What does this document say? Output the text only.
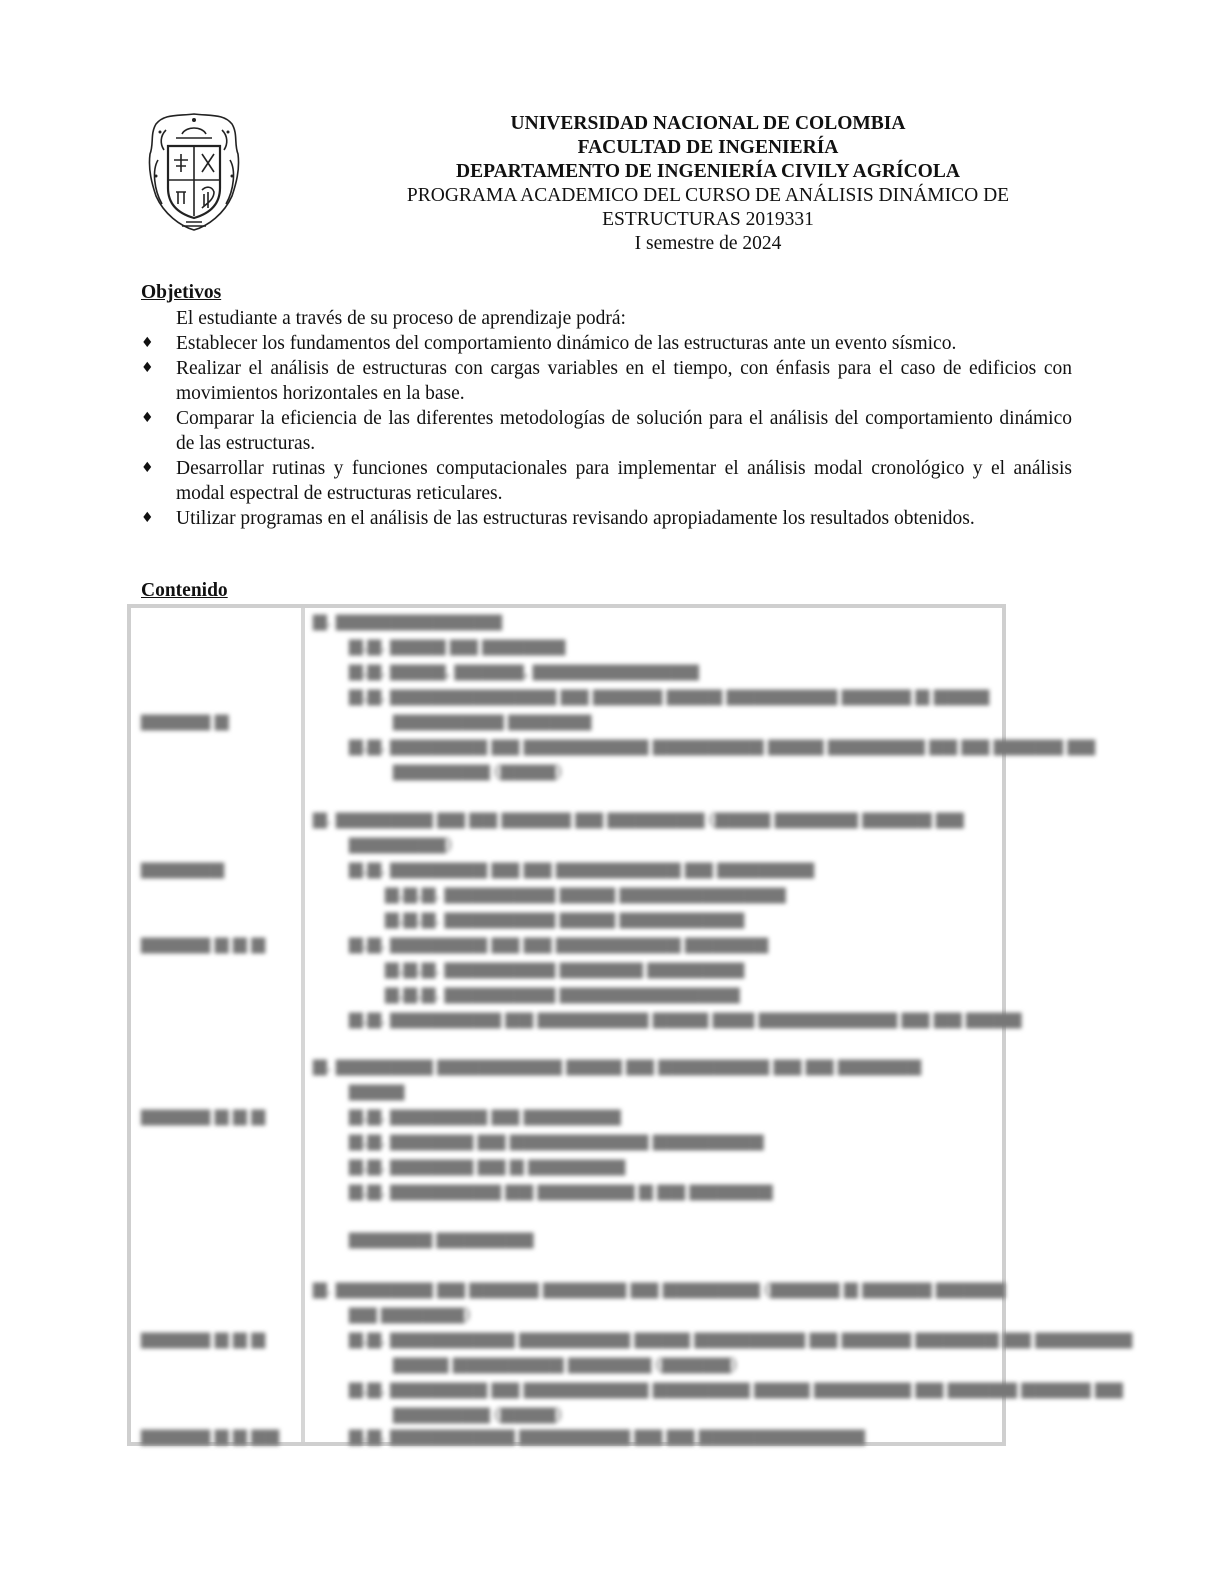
UNIVERSIDAD NACIONAL DE COLOMBIA
FACULTAD DE INGENIERÍA
DEPARTAMENTO DE INGENIERÍA CIVILY AGRÍCOLA
PROGRAMA ACADEMICO DEL CURSO DE ANÁLISIS DINÁMICO DE
ESTRUCTURAS 2019331
I semestre de 2024
Objetivos
El estudiante a través de su proceso de aprendizaje podrá:
♦ Establecer los fundamentos del comportamiento dinámico de las estructuras ante un evento sísmico.
♦ Realizar el análisis de estructuras con cargas variables en el tiempo, con énfasis para el caso de edificios con movimientos horizontales en la base.
♦ Comparar la eficiencia de las diferentes metodologías de solución para el análisis del comportamiento dinámico de las estructuras.
♦ Desarrollar rutinas y funciones computacionales para implementar el análisis modal cronológico y el análisis modal espectral de estructuras reticulares.
♦ Utilizar programas en el análisis de las estructuras revisando apropiadamente los resultados obtenidos.
Contenido
▆▆▆▆▆ ▆
▆▆▆▆▆▆
▆▆▆▆▆ ▆ ▆ ▆
▆▆▆▆▆ ▆ ▆ ▆
▆▆▆▆▆ ▆ ▆ ▆
▆▆▆▆▆ ▆ ▆ ▆▆
▆. ▆▆▆▆▆▆▆▆▆▆▆▆
▆.▆. ▆▆▆▆ ▆▆ ▆▆▆▆▆▆
▆.▆. ▆▆▆▆, ▆▆▆▆▆, ▆▆▆▆▆▆▆▆▆▆▆▆
▆.▆. ▆▆▆▆▆▆▆▆▆▆▆▆ ▆▆ ▆▆▆▆▆ ▆▆▆▆ ▆▆▆▆▆▆▆▆ ▆▆▆▆▆ ▆ ▆▆▆▆
▆▆▆▆▆▆▆▆ ▆▆▆▆▆▆
▆.▆. ▆▆▆▆▆▆▆ ▆▆ ▆▆▆▆▆▆▆▆▆ ▆▆▆▆▆▆▆▆ ▆▆▆▆ ▆▆▆▆▆▆▆ ▆▆ ▆▆ ▆▆▆▆▆ ▆▆
▆▆▆▆▆▆▆ (▆▆▆▆)
▆. ▆▆▆▆▆▆▆ ▆▆ ▆▆ ▆▆▆▆▆ ▆▆ ▆▆▆▆▆▆▆ (▆▆▆▆ ▆▆▆▆▆▆ ▆▆▆▆▆ ▆▆
▆▆▆▆▆▆▆)
▆.▆. ▆▆▆▆▆▆▆ ▆▆ ▆▆ ▆▆▆▆▆▆▆▆▆ ▆▆ ▆▆▆▆▆▆▆
▆.▆.▆. ▆▆▆▆▆▆▆▆ ▆▆▆▆ ▆▆▆▆▆▆▆▆▆▆▆▆
▆.▆.▆. ▆▆▆▆▆▆▆▆ ▆▆▆▆ ▆▆▆▆▆▆▆▆▆
▆.▆. ▆▆▆▆▆▆▆ ▆▆ ▆▆ ▆▆▆▆▆▆▆▆▆ ▆▆▆▆▆▆
▆.▆.▆. ▆▆▆▆▆▆▆▆ ▆▆▆▆▆▆ ▆▆▆▆▆▆▆
▆.▆.▆. ▆▆▆▆▆▆▆▆ ▆▆▆▆▆▆▆▆▆▆▆▆▆
▆.▆. ▆▆▆▆▆▆▆▆ ▆▆ ▆▆▆▆▆▆▆▆ ▆▆▆▆ ▆▆▆ ▆▆▆▆▆▆▆▆▆▆ ▆▆ ▆▆ ▆▆▆▆
▆. ▆▆▆▆▆▆▆ ▆▆▆▆▆▆▆▆▆ ▆▆▆▆ ▆▆ ▆▆▆▆▆▆▆▆ ▆▆ ▆▆ ▆▆▆▆▆▆
▆▆▆▆
▆.▆. ▆▆▆▆▆▆▆ ▆▆ ▆▆▆▆▆▆▆
▆.▆. ▆▆▆▆▆▆ ▆▆ ▆▆▆▆▆▆▆▆▆▆ ▆▆▆▆▆▆▆▆
▆.▆. ▆▆▆▆▆▆ ▆▆ ▆ ▆▆▆▆▆▆▆
▆.▆. ▆▆▆▆▆▆▆▆ ▆▆ ▆▆▆▆▆▆▆ ▆ ▆▆ ▆▆▆▆▆▆
▆▆▆▆▆▆ ▆▆▆▆▆▆▆
▆. ▆▆▆▆▆▆▆ ▆▆ ▆▆▆▆▆ ▆▆▆▆▆▆ ▆▆ ▆▆▆▆▆▆▆ (▆▆▆▆▆ ▆ ▆▆▆▆▆ ▆▆▆▆▆
▆▆ ▆▆▆▆▆▆)
▆.▆. ▆▆▆▆▆▆▆▆▆ ▆▆▆▆▆▆▆▆ ▆▆▆▆ ▆▆▆▆▆▆▆▆ ▆▆ ▆▆▆▆▆ ▆▆▆▆▆▆ ▆▆ ▆▆▆▆▆▆▆
▆▆▆▆ ▆▆▆▆▆▆▆▆ ▆▆▆▆▆▆ (▆▆▆▆▆)
▆.▆. ▆▆▆▆▆▆▆ ▆▆ ▆▆▆▆▆▆▆▆▆ ▆▆▆▆▆▆▆ ▆▆▆▆ ▆▆▆▆▆▆▆ ▆▆ ▆▆▆▆▆ ▆▆▆▆▆ ▆▆
▆▆▆▆▆▆▆ (▆▆▆▆)
▆.▆. ▆▆▆▆▆▆▆▆▆ ▆▆▆▆▆▆▆▆ ▆▆ ▆▆ ▆▆▆▆▆▆▆▆▆▆▆▆
